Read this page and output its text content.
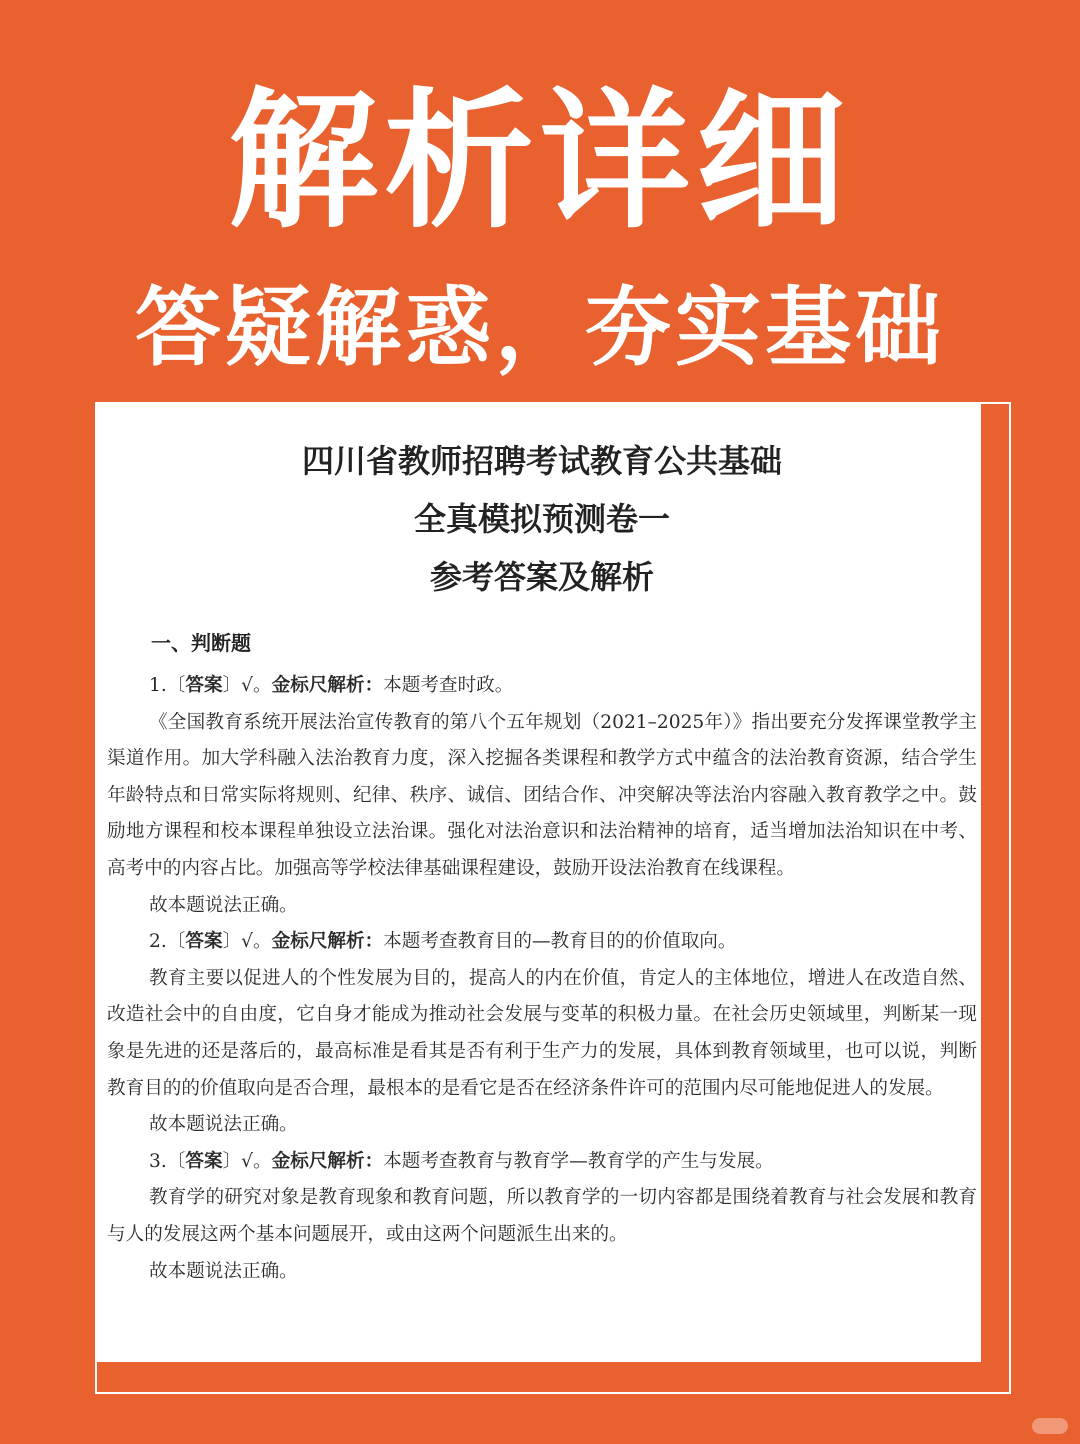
解析详细
答疑解惑，夯实基础
四川省教师招聘考试教育公共基础
全真模拟预测卷一
参考答案及解析
一、判断题

1.〔答案〕√。金标尺解析：本题考查时政。

《全国教育系统开展法治宣传教育的第八个五年规划（2021–2025年）》指出要充分发挥课堂教学主渠道作用。加大学科融入法治教育力度，深入挖掘各类课程和教学方式中蕴含的法治教育资源，结合学生年龄特点和日常实际将规则、纪律、秩序、诚信、团结合作、冲突解决等法治内容融入教育教学之中。鼓励地方课程和校本课程单独设立法治课。强化对法治意识和法治精神的培育，适当增加法治知识在中考、高考中的内容占比。加强高等学校法律基础课程建设，鼓励开设法治教育在线课程。

故本题说法正确。

2.〔答案〕√。金标尺解析：本题考查教育目的—教育目的的价值取向。

教育主要以促进人的个性发展为目的，提高人的内在价值，肯定人的主体地位，增进人在改造自然、改造社会中的自由度，它自身才能成为推动社会发展与变革的积极力量。在社会历史领域里，判断某一现象是先进的还是落后的，最高标准是看其是否有利于生产力的发展，具体到教育领域里，也可以说，判断教育目的的价值取向是否合理，最根本的是看它是否在经济条件许可的范围内尽可能地促进人的发展。

故本题说法正确。

3.〔答案〕√。金标尺解析：本题考查教育与教育学—教育学的产生与发展。

教育学的研究对象是教育现象和教育问题，所以教育学的一切内容都是围绕着教育与社会发展和教育与人的发展这两个基本问题展开，或由这两个问题派生出来的。

故本题说法正确。
